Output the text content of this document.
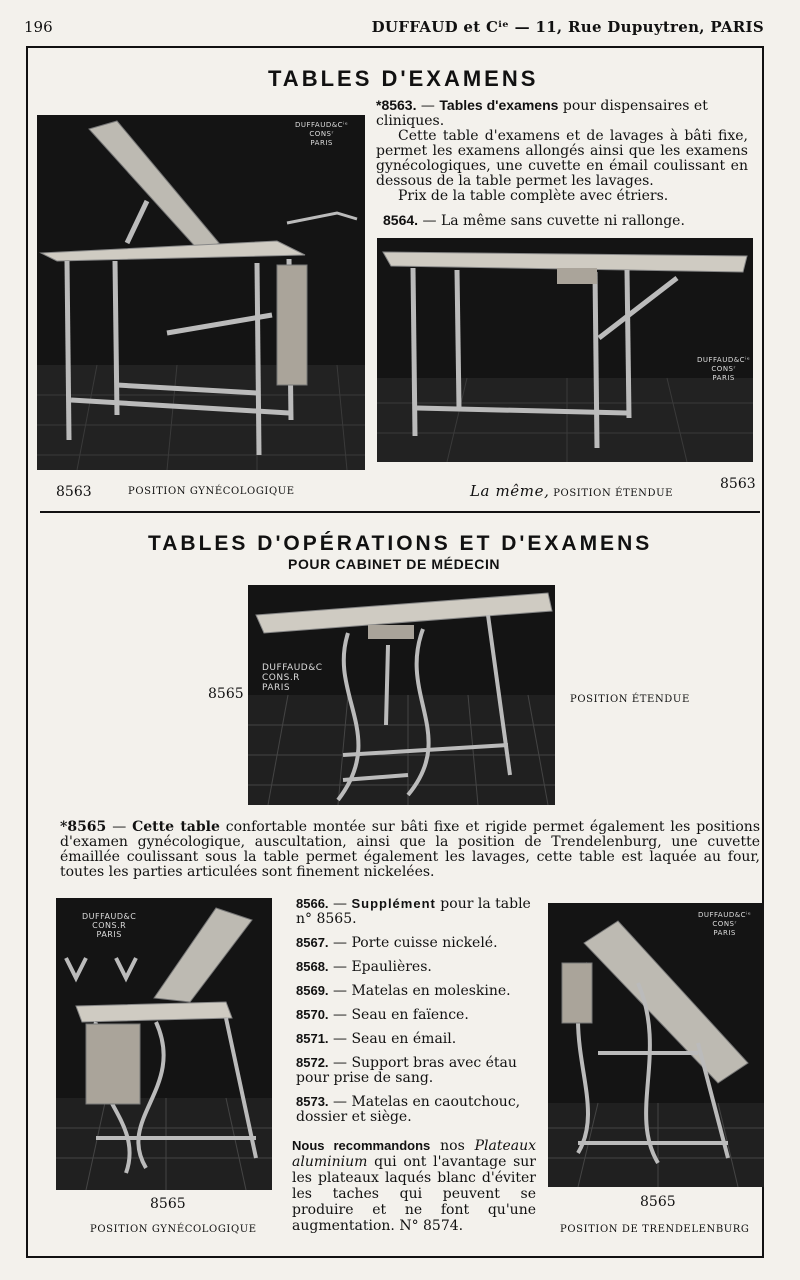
196	DUFFAUD et Cⁱᵉ — 11, Rue Dupuytren, PARIS
TABLES D'EXAMENS
DUFFAUD&Cⁱᵉ
CONSʳ
PARIS
*8563. — Tables d'examens pour dispensaires et cliniques.
Cette table d'examens et de lavages à bâti fixe, permet les examens allongés ainsi que les examens gynécologiques, une cuvette en émail coulissant en dessous de la table permet les lavages.
Prix de la table complète avec étriers.
8564. — La même sans cuvette ni rallonge.
DUFFAUD&Cⁱᵉ
CONSʳ
PARIS
8563	POSITION GYNÉCOLOGIQUE	La même, POSITION ÉTENDUE
8563
TABLES D'OPÉRATIONS ET D'EXAMENS
POUR CABINET DE MÉDECIN
8565
DUFFAUD&C
CONS.R
PARIS
POSITION ÉTENDUE
*8565 — Cette table confortable montée sur bâti fixe et rigide permet également les positions d'examen gynécologique, auscultation, ainsi que la position de Trendelenburg, une cuvette émaillée coulissant sous la table permet également les lavages, cette table est laquée au four, toutes les parties articulées sont finement nickelées.
DUFFAUD&C
CONS.R
PARIS
8565
POSITION GYNÉCOLOGIQUE
8566. — Supplément pour la table n° 8565.
8567. — Porte cuisse nickelé.
8568. — Epaulières.
8569. — Matelas en moleskine.
8570. — Seau en faïence.
8571. — Seau en émail.
8572. — Support bras avec étau pour prise de sang.
8573. — Matelas en caoutchouc, dossier et siège.
Nous recommandons nos Plateaux aluminium qui ont l'avantage sur les plateaux laqués blanc d'éviter les taches qui peuvent se produire et ne font qu'une augmentation. N° 8574.
DUFFAUD&Cⁱᵉ
CONSʳ
PARIS
8565
POSITION DE TRENDELENBURG
